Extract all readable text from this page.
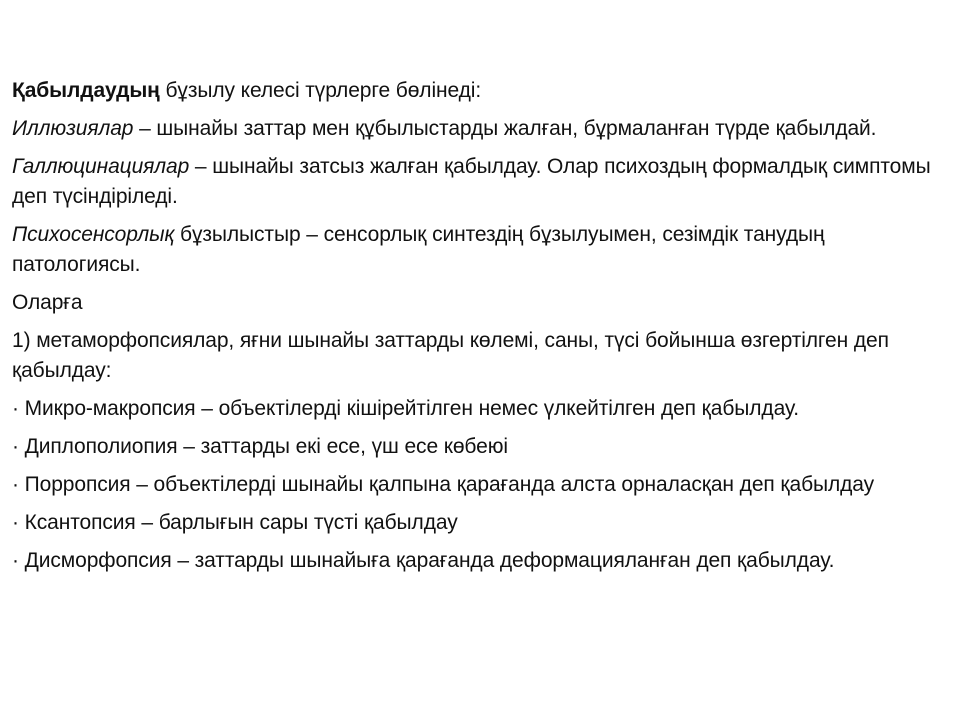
Қабылдаудың бұзылу келесі түрлерге бөлінеді:

Иллюзиялар – шынайы заттар мен құбылыстарды жалған, бұрмаланған түрде қабылдай.

Галлюцинациялар – шынайы затсыз жалған қабылдау. Олар психоздың формалдық симптомы деп түсіндіріледі.

Психосенсорлық бұзылыстыр – сенсорлық синтездің бұзылуымен, сезімдік танудың патологиясы.

Оларға

1) метаморфопсиялар, яғни шынайы заттарды көлемі, саны, түсі бойынша өзгертілген деп қабылдау:

· Микро-макропсия – объектілерді кішірейтілген немес үлкейтілген деп қабылдау.

· Диплополиопия – заттарды екі есе, үш есе көбеюі

· Порропсия – объектілерді шынайы қалпына қарағанда алста орналасқан деп қабылдау

· Ксантопсия – барлығын сары түсті қабылдау

· Дисморфопсия – заттарды шынайыға қарағанда деформацияланған деп қабылдау.
